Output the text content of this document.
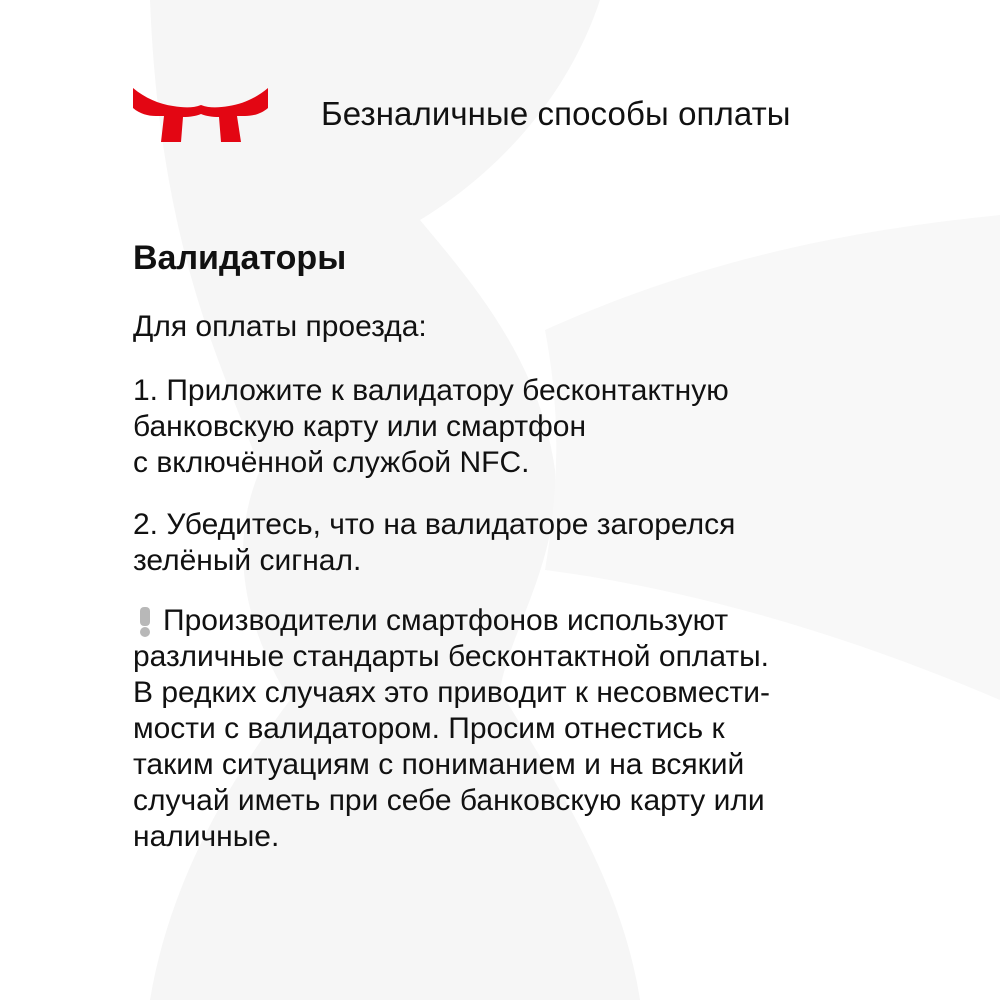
Безналичные способы оплаты
Валидаторы
Для оплаты проезда:
1. Приложите к валидатору бесконтактную
банковскую карту или смартфон
с включённой службой NFC.
2. Убедитесь, что на валидаторе загорелся
зелёный сигнал.
Производители смартфонов используют
различные стандарты бесконтактной оплаты.
В редких случаях это приводит к несовмести-
мости с валидатором. Просим отнестись к
таким ситуациям с пониманием и на всякий
случай иметь при себе банковскую карту или
наличные.
